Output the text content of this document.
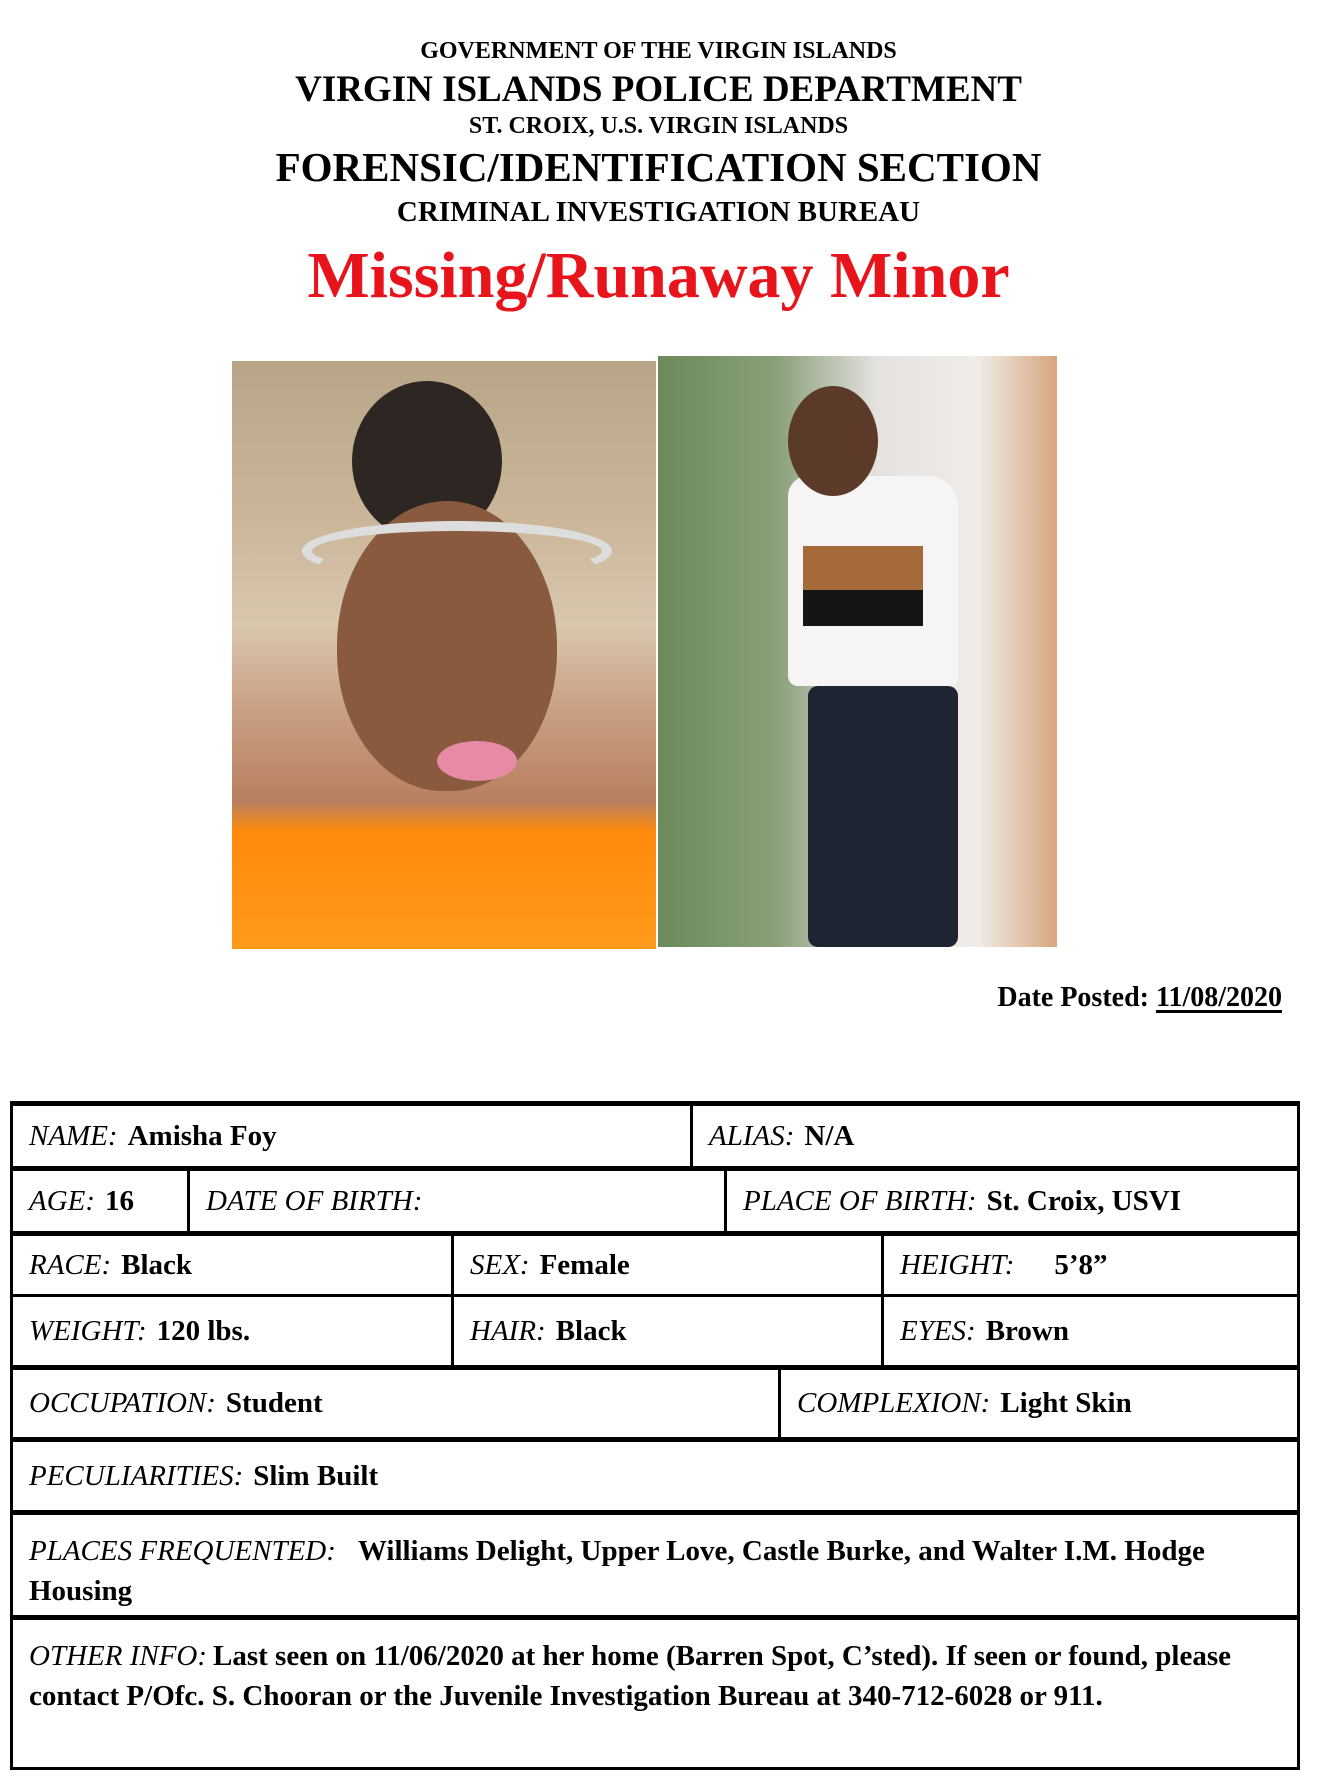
GOVERNMENT OF THE VIRGIN ISLANDS
VIRGIN ISLANDS POLICE DEPARTMENT
ST. CROIX, U.S. VIRGIN ISLANDS
FORENSIC/IDENTIFICATION SECTION
CRIMINAL INVESTIGATION BUREAU
Missing/Runaway Minor
Date Posted: 11/08/2020
NAME: Amisha Foy	ALIAS: N/A
AGE: 16 DATE OF BIRTH:	PLACE OF BIRTH: St. Croix, USVI
RACE: Black	SEX: Female	HEIGHT: 5’8”
WEIGHT: 120 lbs.	HAIR: Black	EYES: Brown
OCCUPATION: Student	COMPLEXION: Light Skin
PECULIARITIES: Slim Built
PLACES FREQUENTED: Williams Delight, Upper Love, Castle Burke, and Walter I.M. Hodge Housing
OTHER INFO: Last seen on 11/06/2020 at her home (Barren Spot, C’sted). If seen or found, please contact P/Ofc. S. Chooran or the Juvenile Investigation Bureau at 340-712-6028 or 911.
